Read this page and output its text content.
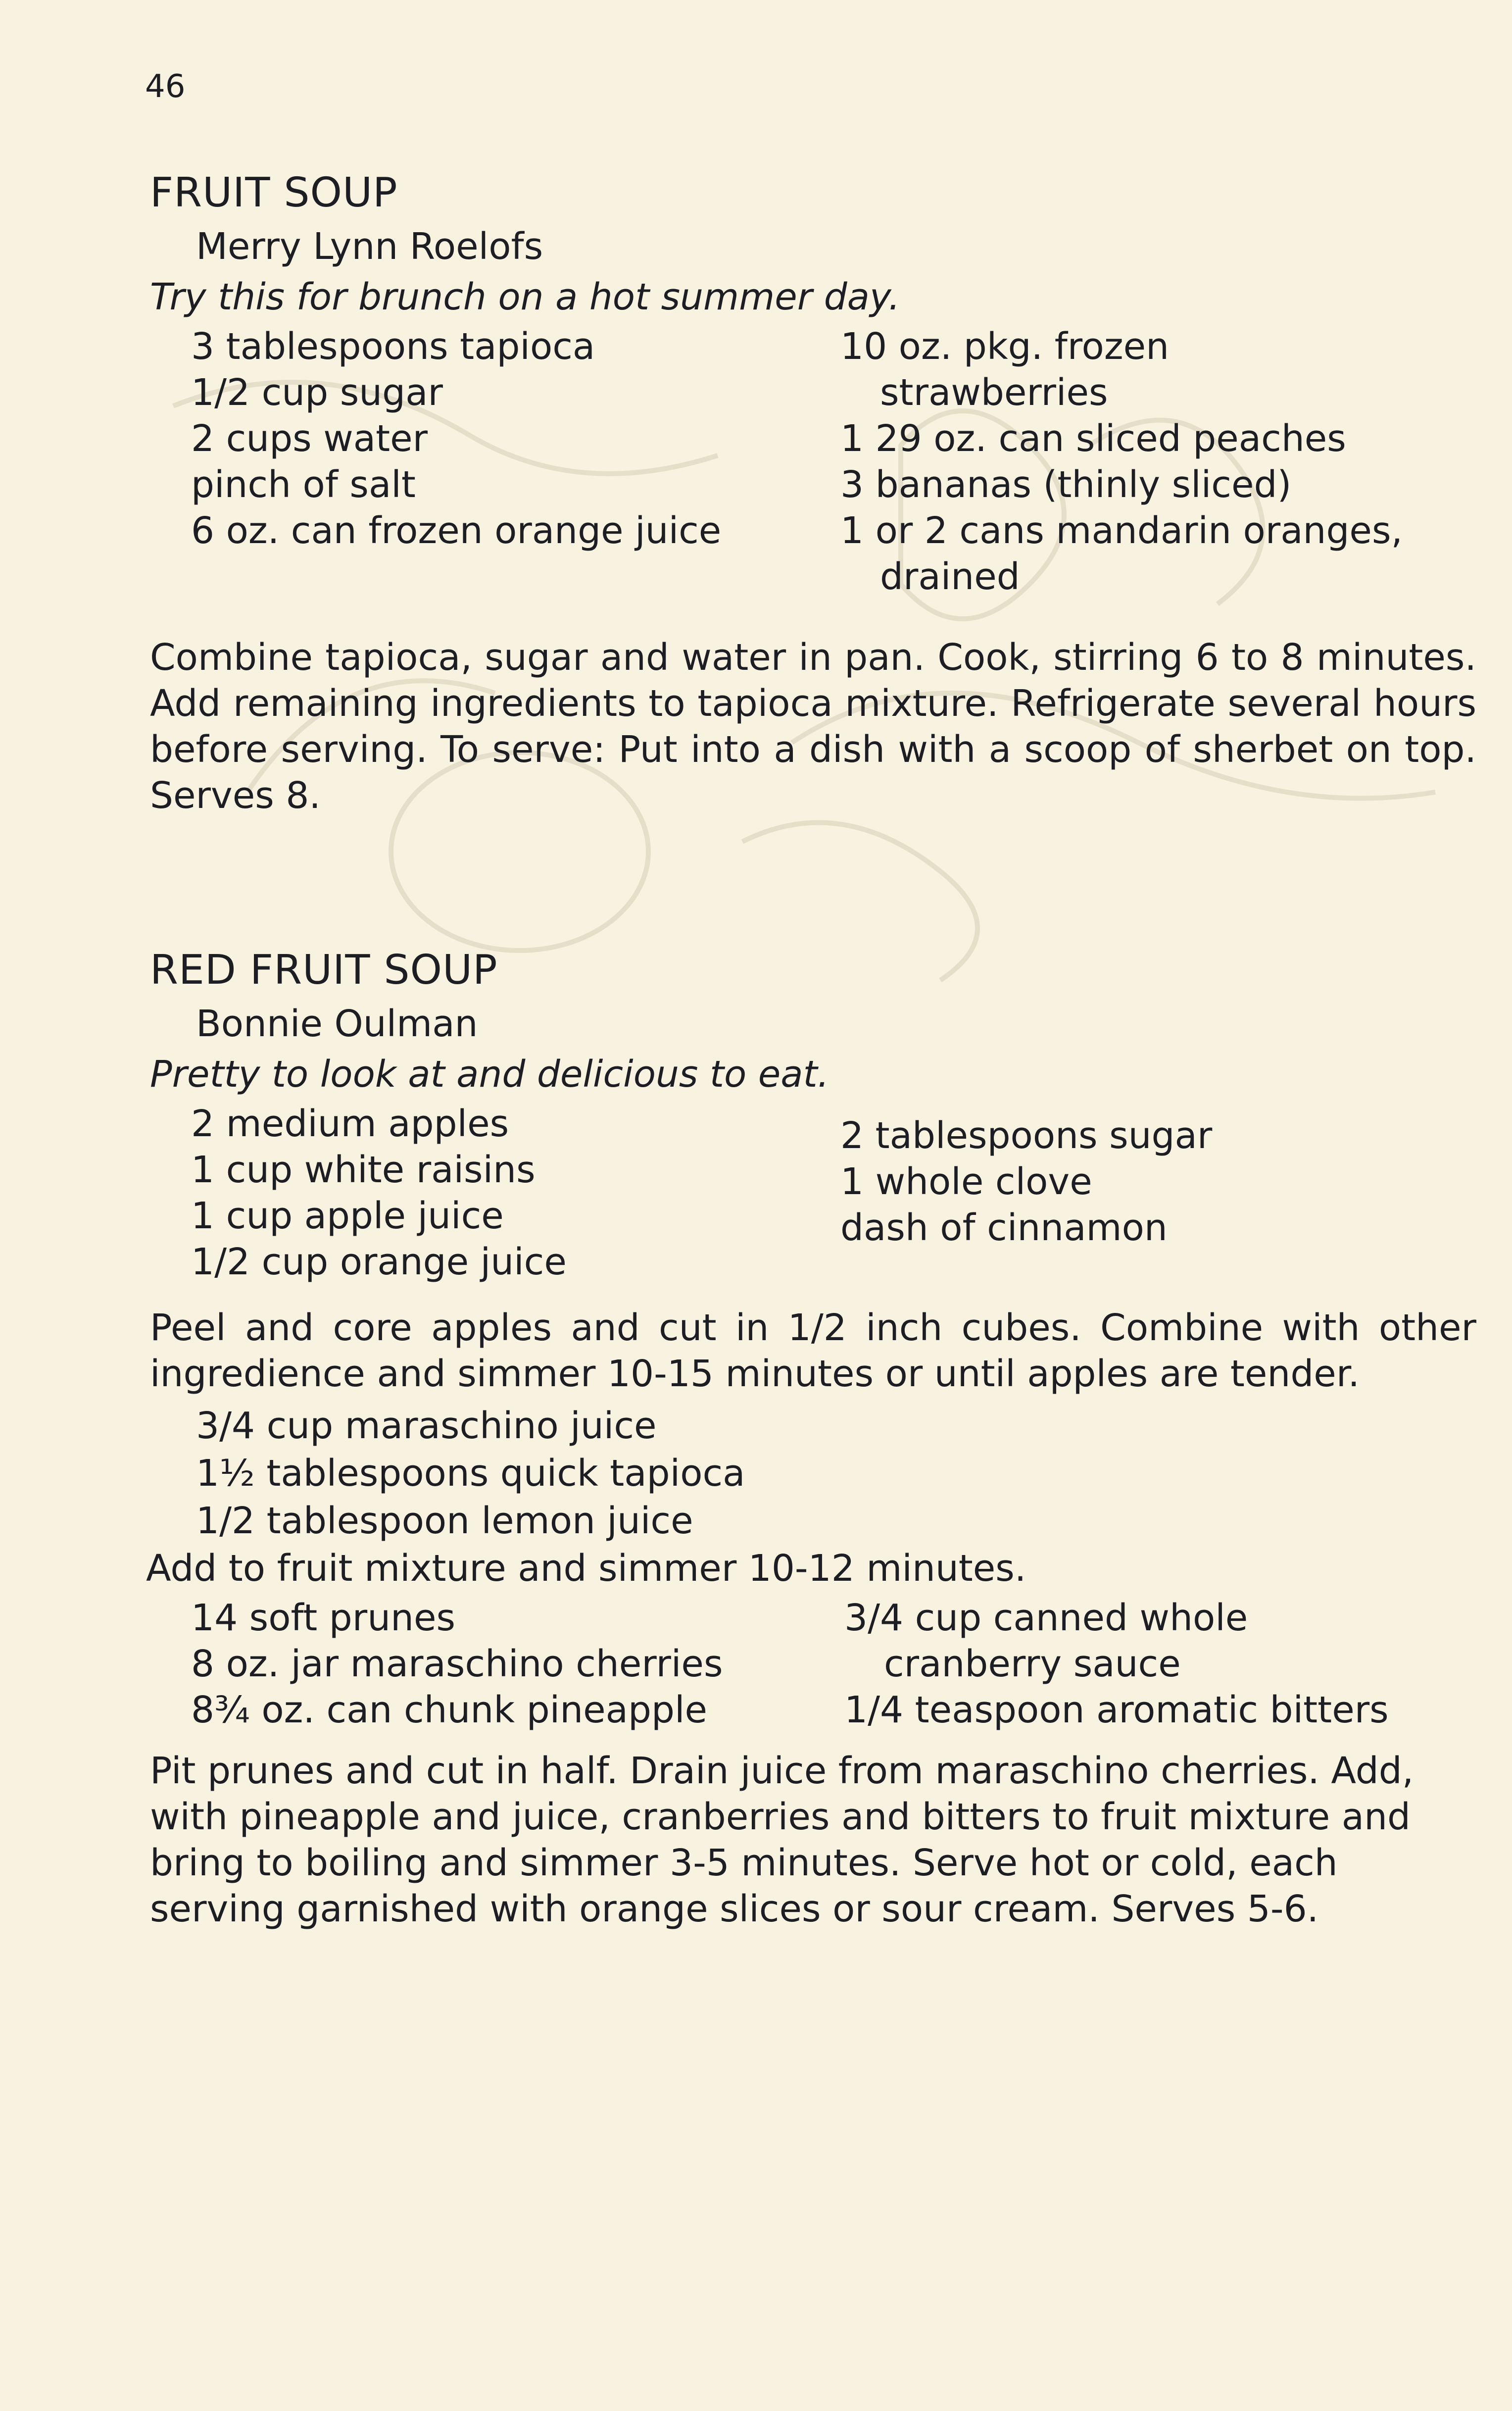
46
FRUIT SOUP
Merry Lynn Roelofs
Try this for brunch on a hot summer day.
3 tablespoons tapioca
1/2 cup sugar
2 cups water
pinch of salt
6 oz. can frozen orange juice
10 oz. pkg. frozen
strawberries
1 29 oz. can sliced peaches
3 bananas (thinly sliced)
1 or 2 cans mandarin oranges,
drained
Combine tapioca, sugar and water in pan. Cook, stirring 6 to 8 minutes. Add remaining ingredients to tapioca mixture. Refrigerate several hours before serving. To serve: Put into a dish with a scoop of sherbet on top. Serves 8.
RED FRUIT SOUP
Bonnie Oulman
Pretty to look at and delicious to eat.
2 medium apples
1 cup white raisins
1 cup apple juice
1/2 cup orange juice
2 tablespoons sugar
1 whole clove
dash of cinnamon
Peel and core apples and cut in 1/2 inch cubes. Combine with other ingredience and simmer 10-15 minutes or until apples are tender.
3/4 cup maraschino juice
1½ tablespoons quick tapioca
1/2 tablespoon lemon juice
Add to fruit mixture and simmer 10-12 minutes.
14 soft prunes
8 oz. jar maraschino cherries
8¾ oz. can chunk pineapple
3/4 cup canned whole
cranberry sauce
1/4 teaspoon aromatic bitters
Pit prunes and cut in half. Drain juice from maraschino cherries. Add, with pineapple and juice, cranberries and bitters to fruit mixture and bring to boiling and simmer 3-5 minutes. Serve hot or cold, each serving garnished with orange slices or sour cream. Serves 5-6.
